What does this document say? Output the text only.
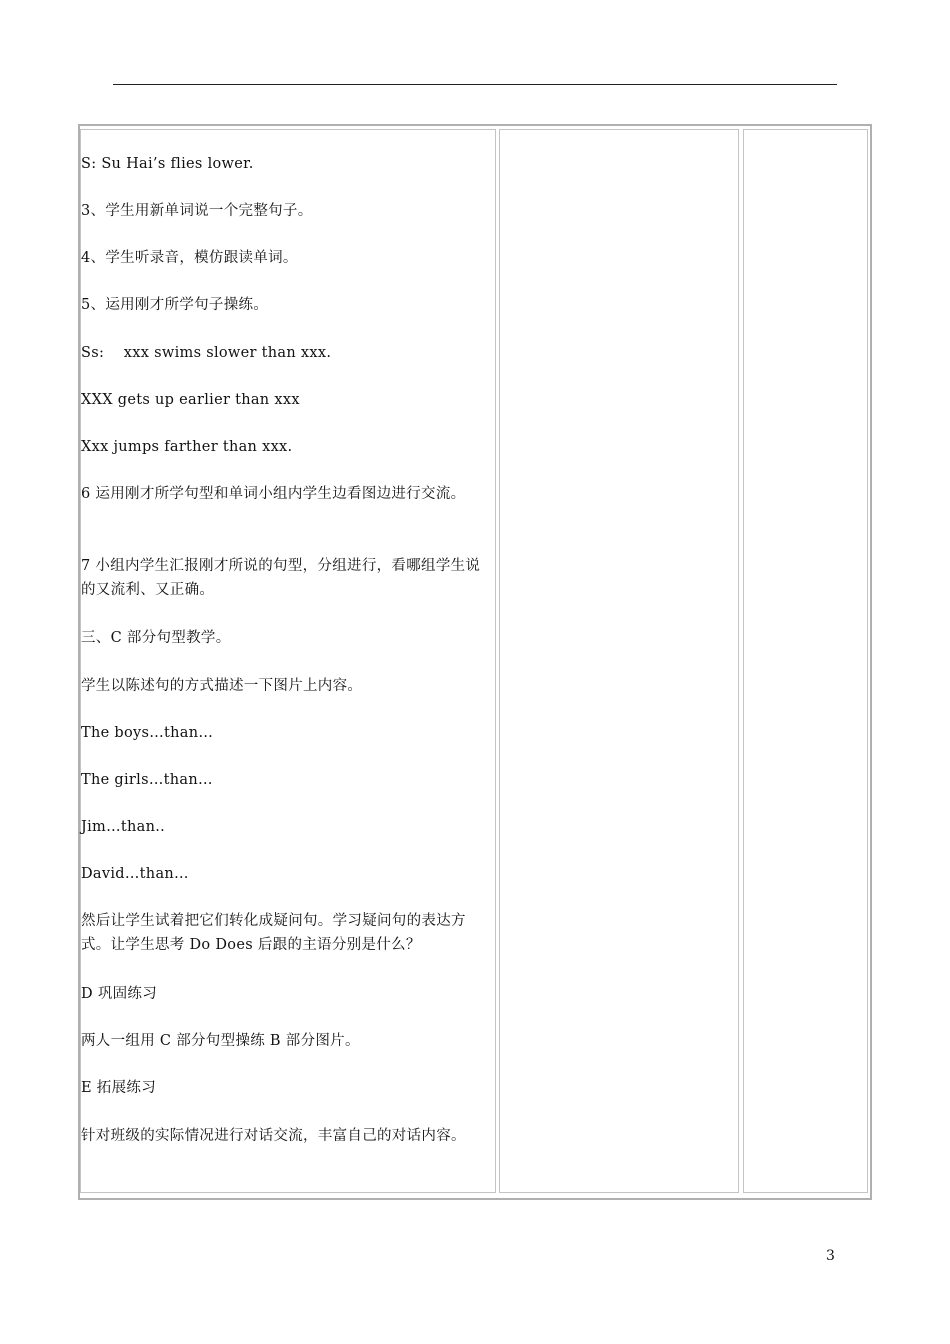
S: Su Hai’s flies lower.
3、学生用新单词说一个完整句子。
4、学生听录音，模仿跟读单词。
5、运用刚才所学句子操练。
Ss:    xxx swims slower than xxx.
XXX gets up earlier than xxx
Xxx jumps farther than xxx.
6 运用刚才所学句型和单词小组内学生边看图边进行交流。
7 小组内学生汇报刚才所说的句型，分组进行，看哪组学生说的又流利、又正确。
三、C 部分句型教学。
学生以陈述句的方式描述一下图片上内容。
The boys…than…
The girls…than…
Jim…than..
David…than…
然后让学生试着把它们转化成疑问句。学习疑问句的表达方式。让学生思考 Do Does 后跟的主语分别是什么？
D 巩固练习
两人一组用 C 部分句型操练 B 部分图片。
E 拓展练习
针对班级的实际情况进行对话交流，丰富自己的对话内容。
3
